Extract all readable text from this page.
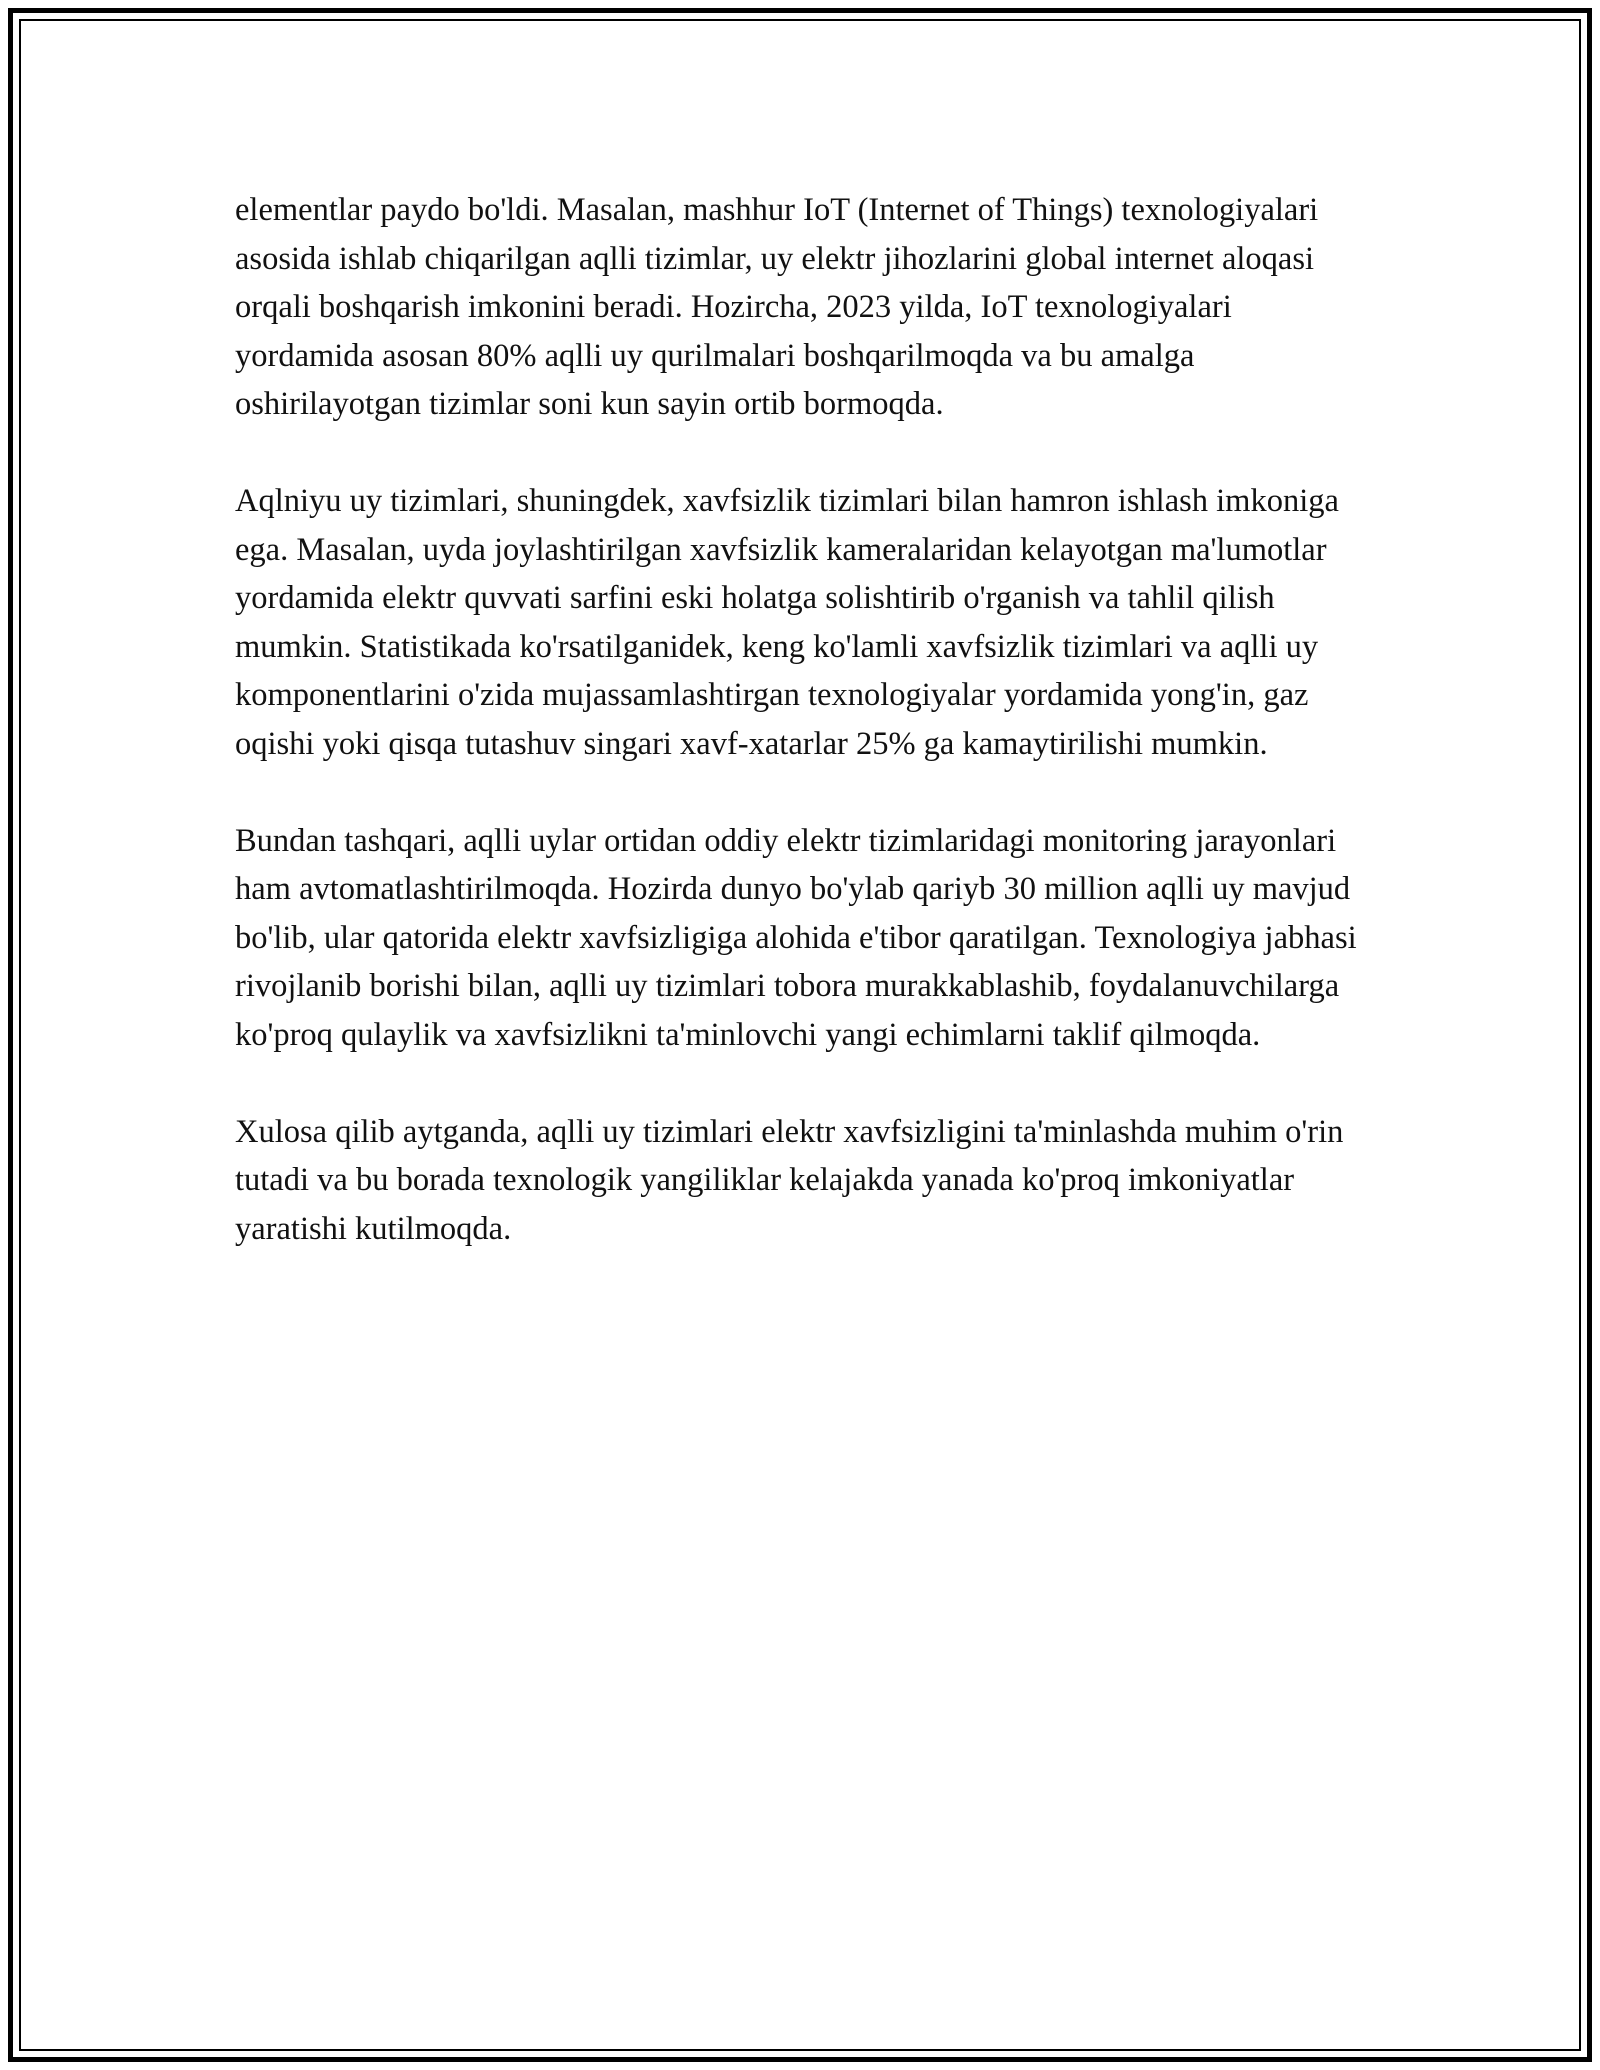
elementlar paydo bo'ldi. Masalan, mashhur IoT (Internet of Things) texnologiyalari asosida ishlab chiqarilgan aqlli tizimlar, uy elektr jihozlarini global internet aloqasi orqali boshqarish imkonini beradi. Hozircha, 2023 yilda, IoT texnologiyalari yordamida asosan 80% aqlli uy qurilmalari boshqarilmoqda va bu amalga oshirilayotgan tizimlar soni kun sayin ortib bormoqda.

Aqlniyu uy tizimlari, shuningdek, xavfsizlik tizimlari bilan hamron ishlash imkoniga ega. Masalan, uyda joylashtirilgan xavfsizlik kameralaridan kelayotgan ma'lumotlar yordamida elektr quvvati sarfini eski holatga solishtirib o'rganish va tahlil qilish mumkin. Statistikada ko'rsatilganidek, keng ko'lamli xavfsizlik tizimlari va aqlli uy komponentlarini o'zida mujassamlashtirgan texnologiyalar yordamida yong'in, gaz oqishi yoki qisqa tutashuv singari xavf-xatarlar 25% ga kamaytirilishi mumkin.

Bundan tashqari, aqlli uylar ortidan oddiy elektr tizimlaridagi monitoring jarayonlari ham avtomatlashtirilmoqda. Hozirda dunyo bo'ylab qariyb 30 million aqlli uy mavjud bo'lib, ular qatorida elektr xavfsizligiga alohida e'tibor qaratilgan. Texnologiya jabhasi rivojlanib borishi bilan, aqlli uy tizimlari tobora murakkablashib, foydalanuvchilarga ko'proq qulaylik va xavfsizlikni ta'minlovchi yangi echimlarni taklif qilmoqda.

Xulosa qilib aytganda, aqlli uy tizimlari elektr xavfsizligini ta'minlashda muhim o'rin tutadi va bu borada texnologik yangiliklar kelajakda yanada ko'proq imkoniyatlar yaratishi kutilmoqda.
